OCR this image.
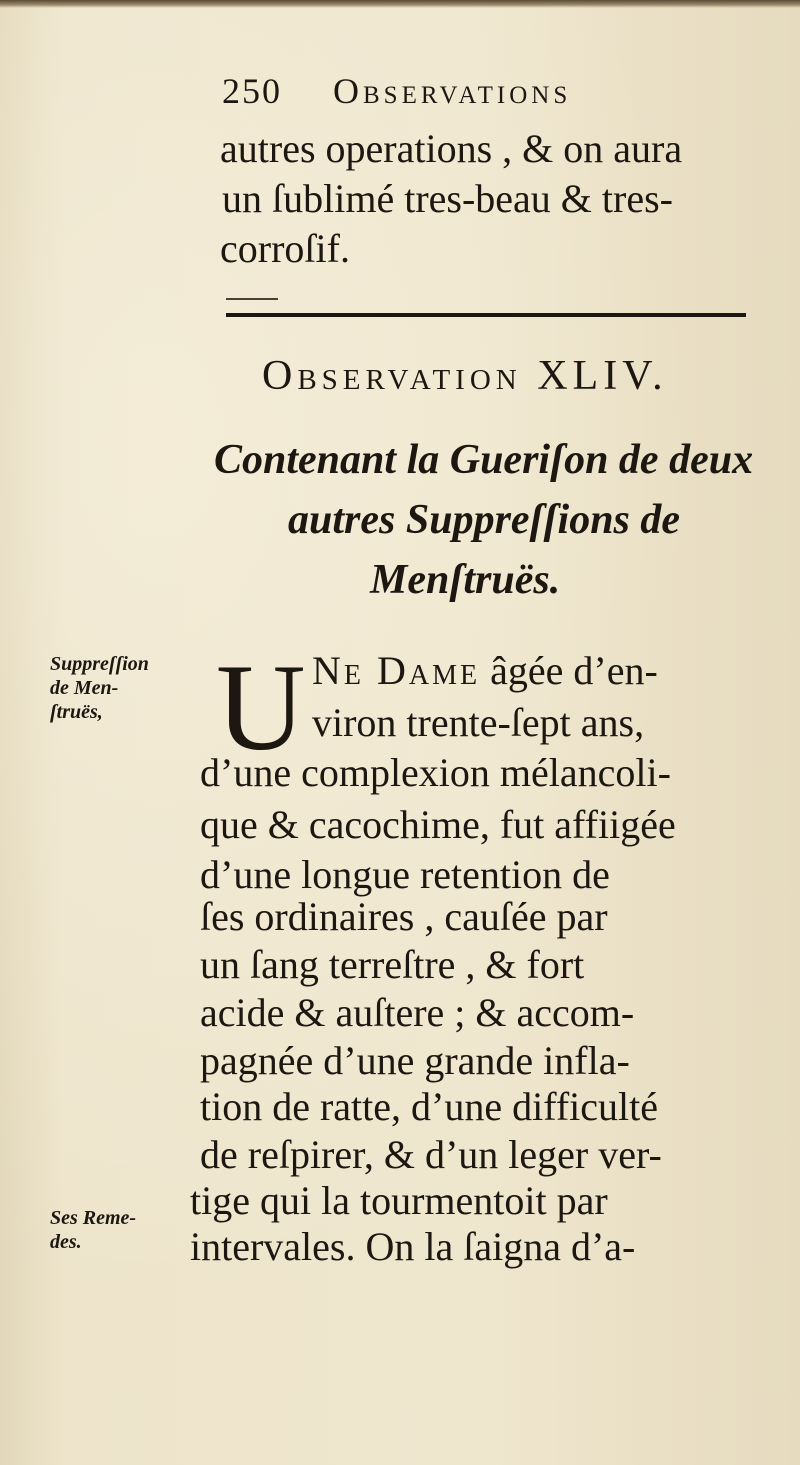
250 Observations
autres operations , & on aura
un ſublimé tres-beau & tres-
corroſif.
Observation XLIV.
Contenant la Gueriſon de deux
autres Suppreſſions de
Menſtruës.
U Ne Dame âgée d’en-
viron trente-ſept ans,
d’une complexion mélancoli-
que & cacochime, fut affiigée
d’une longue retention de
ſes ordinaires , cauſée par
un ſang terreſtre , & fort
acide & auſtere ; & accom-
pagnée d’une grande infla-
tion de ratte, d’une difficulté
de reſpirer, & d’un leger ver-
tige qui la tourmentoit par
intervales. On la ſaigna d’a-
Suppreſſion
de Men-
ſtruës,
Ses Reme-
des.
